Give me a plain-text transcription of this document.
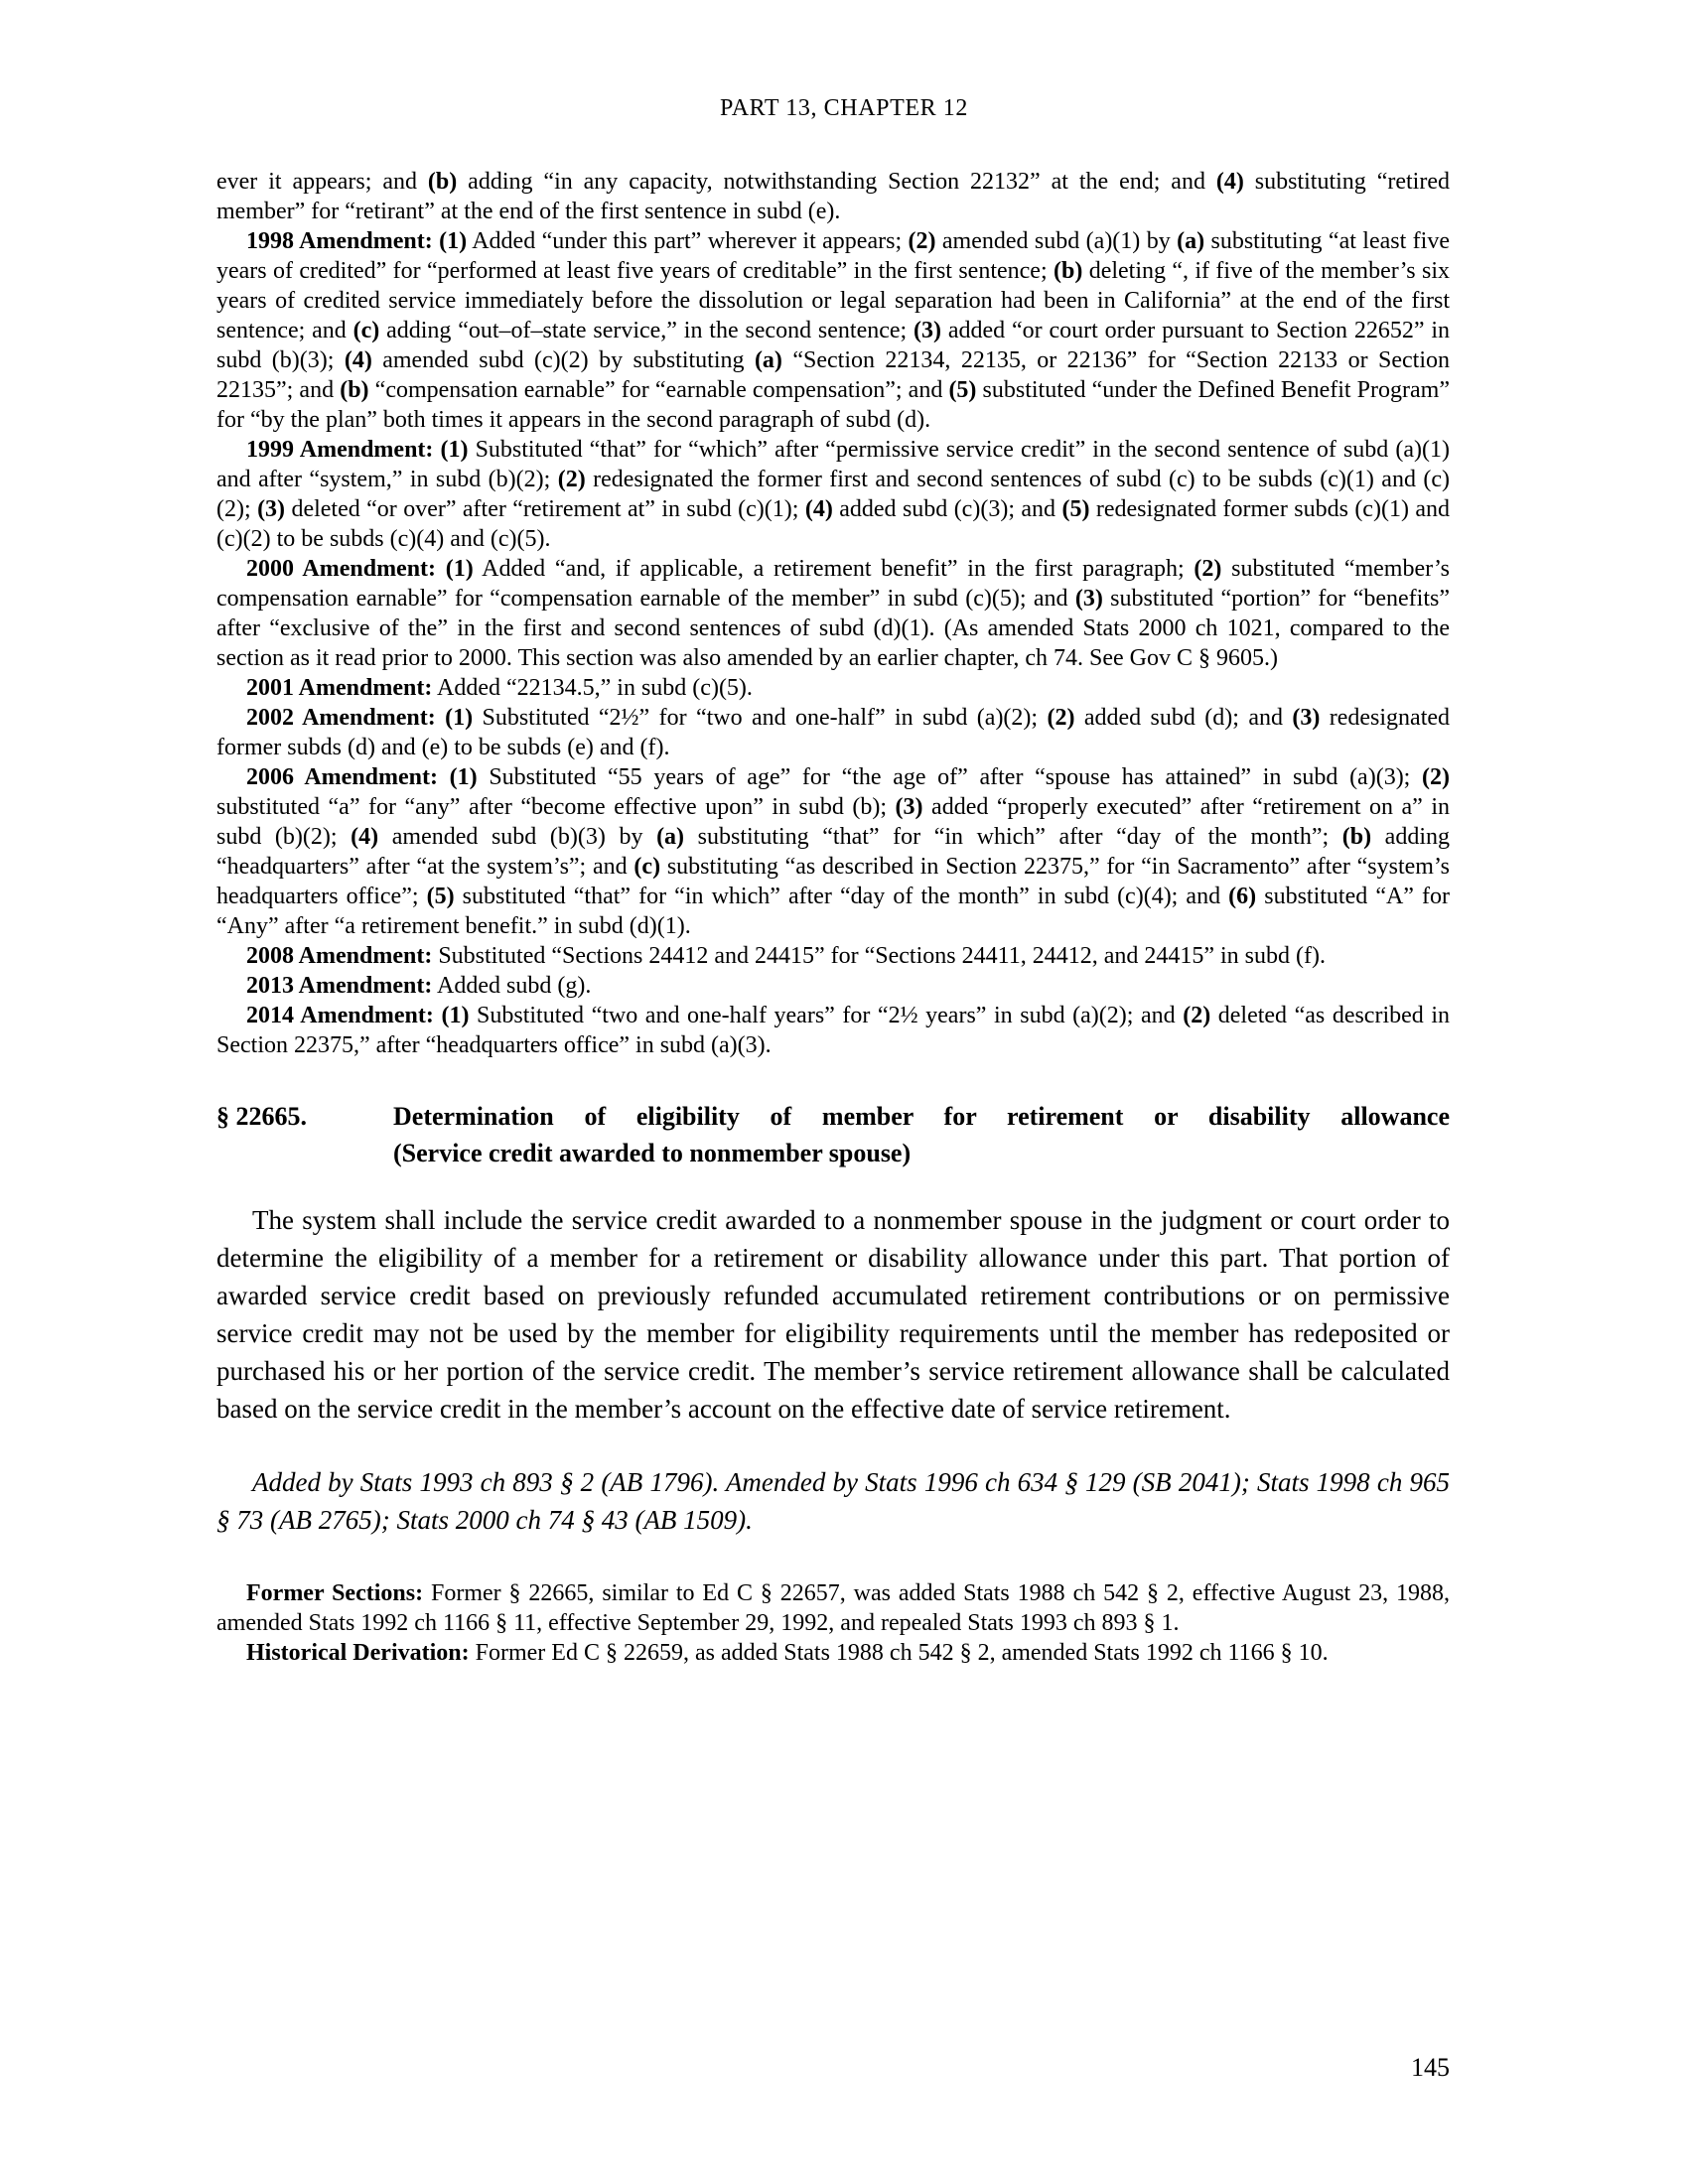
PART 13, CHAPTER 12

ever it appears; and (b) adding “in any capacity, notwithstanding Section 22132” at the end; and (4) substituting “retired member” for “retirant” at the end of the first sentence in subd (e).

1998 Amendment: (1) Added “under this part” wherever it appears; (2) amended subd (a)(1) by (a) substituting “at least five years of credited” for “performed at least five years of creditable” in the first sentence; (b) deleting “, if five of the member’s six years of credited service immediately before the dissolution or legal separation had been in California” at the end of the first sentence; and (c) adding “out–of–state service,” in the second sentence; (3) added “or court order pursuant to Section 22652” in subd (b)(3); (4) amended subd (c)(2) by substituting (a) “Section 22134, 22135, or 22136” for “Section 22133 or Section 22135”; and (b) “compensation earnable” for “earnable compensation”; and (5) substituted “under the Defined Benefit Program” for “by the plan” both times it appears in the second paragraph of subd (d).

1999 Amendment: (1) Substituted “that” for “which” after “permissive service credit” in the second sentence of subd (a)(1) and after “system,” in subd (b)(2); (2) redesignated the former first and second sentences of subd (c) to be subds (c)(1) and (c)(2); (3) deleted “or over” after “retirement at” in subd (c)(1); (4) added subd (c)(3); and (5) redesignated former subds (c)(1) and (c)(2) to be subds (c)(4) and (c)(5).

2000 Amendment: (1) Added “and, if applicable, a retirement benefit” in the first paragraph; (2) substituted “member’s compensation earnable” for “compensation earnable of the member” in subd (c)(5); and (3) substituted “portion” for “benefits” after “exclusive of the” in the first and second sentences of subd (d)(1). (As amended Stats 2000 ch 1021, compared to the section as it read prior to 2000. This section was also amended by an earlier chapter, ch 74. See Gov C § 9605.)

2001 Amendment: Added “22134.5,” in subd (c)(5).

2002 Amendment: (1) Substituted “2½” for “two and one-half” in subd (a)(2); (2) added subd (d); and (3) redesignated former subds (d) and (e) to be subds (e) and (f).

2006 Amendment: (1) Substituted “55 years of age” for “the age of” after “spouse has attained” in subd (a)(3); (2) substituted “a” for “any” after “become effective upon” in subd (b); (3) added “properly executed” after “retirement on a” in subd (b)(2); (4) amended subd (b)(3) by (a) substituting “that” for “in which” after “day of the month”; (b) adding “headquarters” after “at the system’s”; and (c) substituting “as described in Section 22375,” for “in Sacramento” after “system’s headquarters office”; (5) substituted “that” for “in which” after “day of the month” in subd (c)(4); and (6) substituted “A” for “Any” after “a retirement benefit.” in subd (d)(1).

2008 Amendment: Substituted “Sections 24412 and 24415” for “Sections 24411, 24412, and 24415” in subd (f).

2013 Amendment: Added subd (g).

2014 Amendment: (1) Substituted “two and one-half years” for “2½ years” in subd (a)(2); and (2) deleted “as described in Section 22375,” after “headquarters office” in subd (a)(3).

§ 22665.	Determination of eligibility of member for retirement or disability allowance
(Service credit awarded to nonmember spouse)

The system shall include the service credit awarded to a nonmember spouse in the judgment or court order to determine the eligibility of a member for a retirement or disability allowance under this part. That portion of awarded service credit based on previously refunded accumulated retirement contributions or on permissive service credit may not be used by the member for eligibility requirements until the member has redeposited or purchased his or her portion of the service credit. The member’s service retirement allowance shall be calculated based on the service credit in the member’s account on the effective date of service retirement.

Added by Stats 1993 ch 893 § 2 (AB 1796). Amended by Stats 1996 ch 634 § 129 (SB 2041); Stats 1998 ch 965 § 73 (AB 2765); Stats 2000 ch 74 § 43 (AB 1509).

Former Sections: Former § 22665, similar to Ed C § 22657, was added Stats 1988 ch 542 § 2, effective August 23, 1988, amended Stats 1992 ch 1166 § 11, effective September 29, 1992, and repealed Stats 1993 ch 893 § 1.

Historical Derivation: Former Ed C § 22659, as added Stats 1988 ch 542 § 2, amended Stats 1992 ch 1166 § 10.

145
